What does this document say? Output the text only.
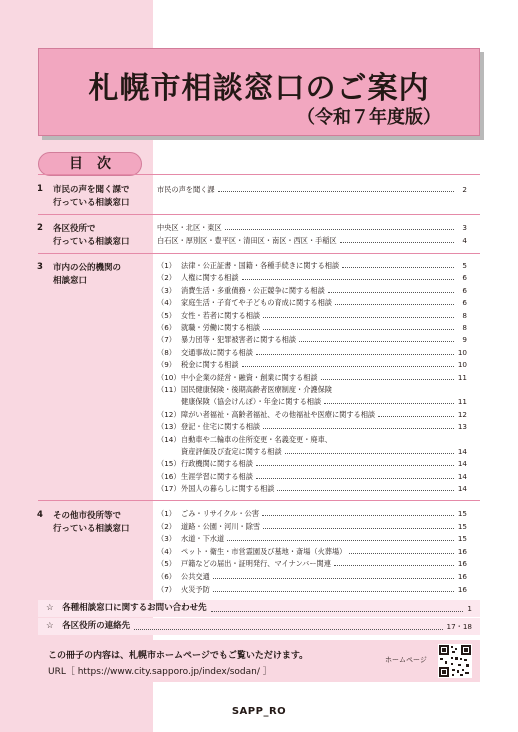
札幌市相談窓口のご案内
（令和７年度版）
目次
1 市民の声を聞く課で
行っている相談窓口
市民の声を聞く課	2
2 各区役所で
行っている相談窓口
中央区・北区・東区	3
白石区・厚別区・豊平区・清田区・南区・西区・手稲区	4
3 市内の公的機関の
相談窓口
（1） 法律・公正証書・国籍・各種手続きに関する相談	5
（2） 人権に関する相談	6
（3） 消費生活・多重債務・公正競争に関する相談	6
（4） 家庭生活・子育てや子どもの育成に関する相談	6
（5） 女性・若者に関する相談	8
（6） 就職・労働に関する相談	8
（7） 暴力団等・犯罪被害者に関する相談	9
（8） 交通事故に関する相談	10
（9） 税金に関する相談	10
（10） 中小企業の経営・融資・創業に関する相談	11
（11） 国民健康保険・後期高齢者医療制度・介護保険
健康保険（協会けんぽ）・年金に関する相談	11
（12） 障がい者福祉・高齢者福祉、その他福祉や医療に関する相談	12
（13） 登記・住宅に関する相談	13
（14） 自動車や二輪車の住所変更・名義変更・廃車、
資産評価及び査定に関する相談	14
（15） 行政機関に関する相談	14
（16） 生涯学習に関する相談	14
（17） 外国人の暮らしに関する相談	14
4 その他市役所等で
行っている相談窓口
（1） ごみ・リサイクル・公害	15
（2） 道路・公園・河川・除雪	15
（3） 水道・下水道	15
（4） ペット・衛生・市営霊園及び墓地・斎場（火葬場）	16
（5） 戸籍などの届出・証明発行、マイナンバー関連	16
（6） 公共交通	16
（7） 火災予防	16
☆　各種相談窓口に関するお問い合わせ先	1
☆　各区役所の連絡先	17・18
この冊子の内容は、札幌市ホームページでもご覧いただけます。
URL［ https://www.city.sapporo.jp/index/sodan/ ］
ホームページ
SAPP_RO
